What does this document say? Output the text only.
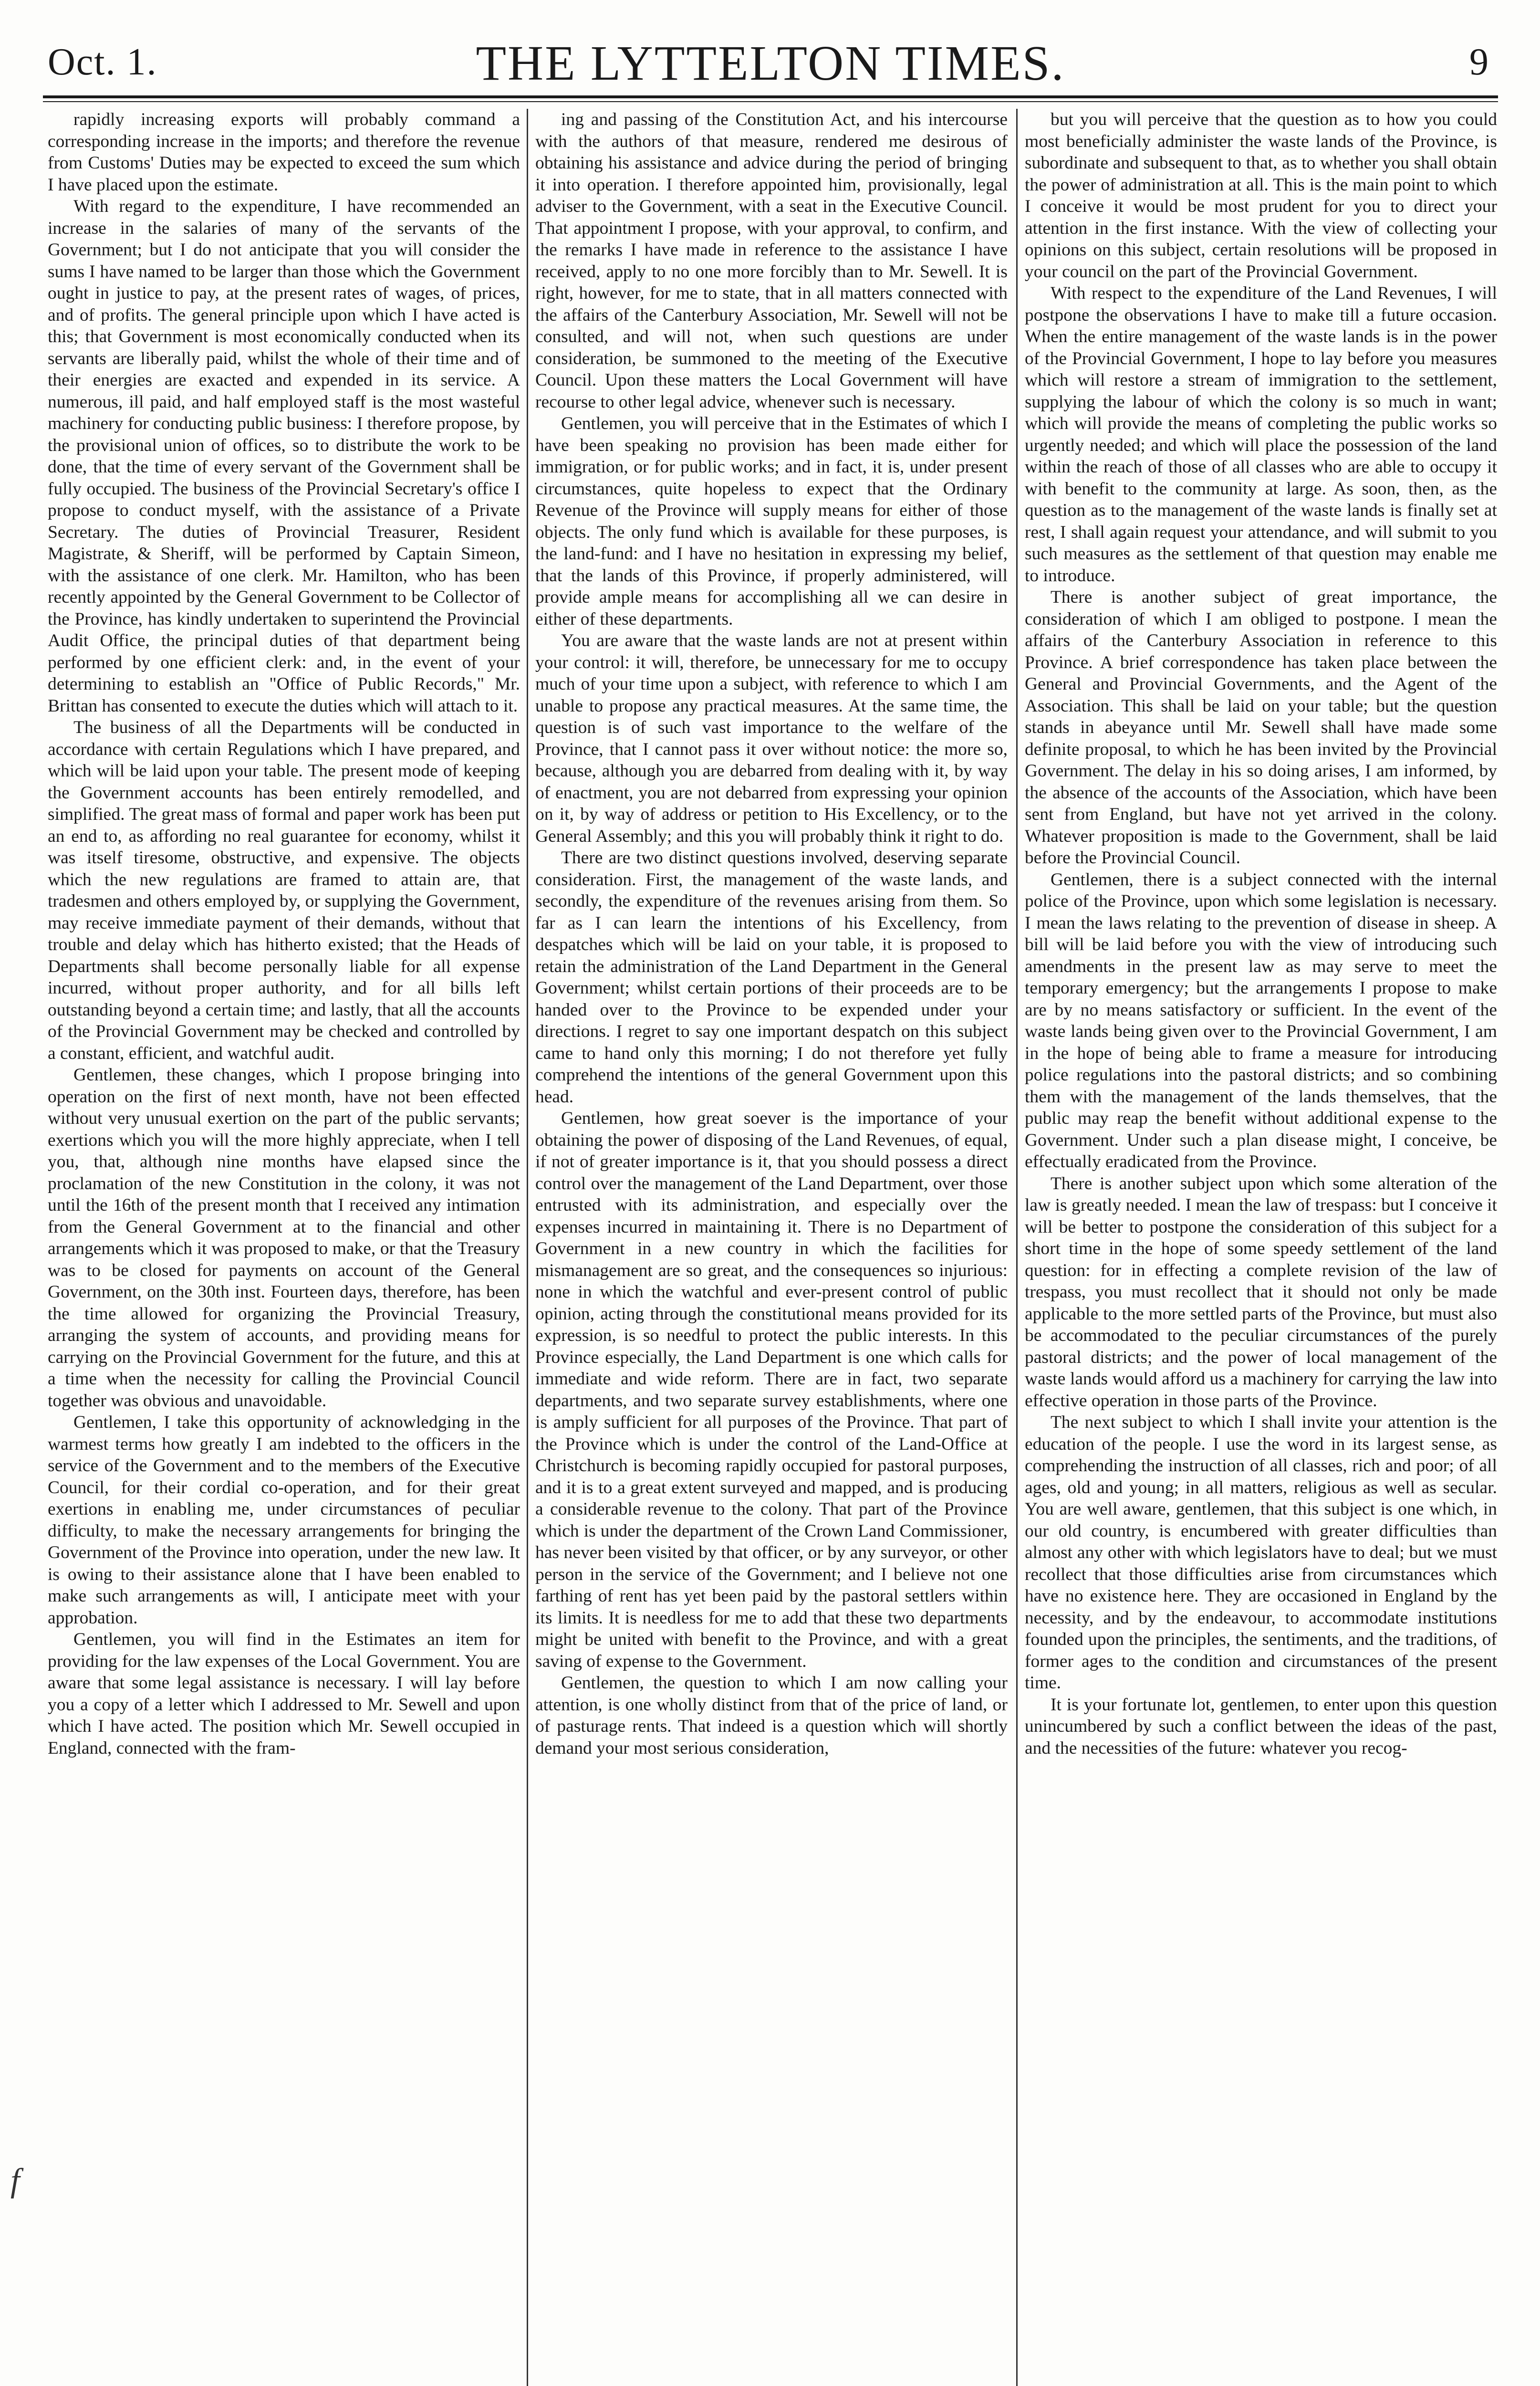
Oct. 1.	THE LYTTELTON TIMES.	9

rapidly increasing exports will probably command a corresponding increase in the imports; and therefore the revenue from Customs' Duties may be expected to exceed the sum which I have placed upon the estimate.

With regard to the expenditure, I have recommended an increase in the salaries of many of the servants of the Government; but I do not anticipate that you will consider the sums I have named to be larger than those which the Government ought in justice to pay, at the present rates of wages, of prices, and of profits. The general principle upon which I have acted is this; that Government is most economically conducted when its servants are liberally paid, whilst the whole of their time and of their energies are exacted and expended in its service. A numerous, ill paid, and half employed staff is the most wasteful machinery for conducting public business: I therefore propose, by the provisional union of offices, so to distribute the work to be done, that the time of every servant of the Government shall be fully occupied. The business of the Provincial Secretary's office I propose to conduct myself, with the assistance of a Private Secretary. The duties of Provincial Treasurer, Resident Magistrate, & Sheriff, will be performed by Captain Simeon, with the assistance of one clerk. Mr. Hamilton, who has been recently appointed by the General Government to be Collector of the Province, has kindly undertaken to superintend the Provincial Audit Office, the principal duties of that department being performed by one efficient clerk: and, in the event of your determining to establish an "Office of Public Records," Mr. Brittan has consented to execute the duties which will attach to it.

The business of all the Departments will be conducted in accordance with certain Regulations which I have prepared, and which will be laid upon your table. The present mode of keeping the Government accounts has been entirely remodelled, and simplified. The great mass of formal and paper work has been put an end to, as affording no real guarantee for economy, whilst it was itself tiresome, obstructive, and expensive. The objects which the new regulations are framed to attain are, that tradesmen and others employed by, or supplying the Government, may receive immediate payment of their demands, without that trouble and delay which has hitherto existed; that the Heads of Departments shall become personally liable for all expense incurred, without proper authority, and for all bills left outstanding beyond a certain time; and lastly, that all the accounts of the Provincial Government may be checked and controlled by a constant, efficient, and watchful audit.

Gentlemen, these changes, which I propose bringing into operation on the first of next month, have not been effected without very unusual exertion on the part of the public servants; exertions which you will the more highly appreciate, when I tell you, that, although nine months have elapsed since the proclamation of the new Constitution in the colony, it was not until the 16th of the present month that I received any intimation from the General Government at to the financial and other arrangements which it was proposed to make, or that the Treasury was to be closed for payments on account of the General Government, on the 30th inst. Fourteen days, therefore, has been the time allowed for organizing the Provincial Treasury, arranging the system of accounts, and providing means for carrying on the Provincial Government for the future, and this at a time when the necessity for calling the Provincial Council together was obvious and unavoidable.

Gentlemen, I take this opportunity of acknowledging in the warmest terms how greatly I am indebted to the officers in the service of the Government and to the members of the Executive Council, for their cordial co-operation, and for their great exertions in enabling me, under circumstances of peculiar difficulty, to make the necessary arrangements for bringing the Government of the Province into operation, under the new law. It is owing to their assistance alone that I have been enabled to make such arrangements as will, I anticipate meet with your approbation.

Gentlemen, you will find in the Estimates an item for providing for the law expenses of the Local Government. You are aware that some legal assistance is necessary. I will lay before you a copy of a letter which I addressed to Mr. Sewell and upon which I have acted. The position which Mr. Sewell occupied in England, connected with the fram-

ing and passing of the Constitution Act, and his intercourse with the authors of that measure, rendered me desirous of obtaining his assistance and advice during the period of bringing it into operation. I therefore appointed him, provisionally, legal adviser to the Government, with a seat in the Executive Council. That appointment I propose, with your approval, to confirm, and the remarks I have made in reference to the assistance I have received, apply to no one more forcibly than to Mr. Sewell. It is right, however, for me to state, that in all matters connected with the affairs of the Canterbury Association, Mr. Sewell will not be consulted, and will not, when such questions are under consideration, be summoned to the meeting of the Executive Council. Upon these matters the Local Government will have recourse to other legal advice, whenever such is necessary.

Gentlemen, you will perceive that in the Estimates of which I have been speaking no provision has been made either for immigration, or for public works; and in fact, it is, under present circumstances, quite hopeless to expect that the Ordinary Revenue of the Province will supply means for either of those objects. The only fund which is available for these purposes, is the land-fund: and I have no hesitation in expressing my belief, that the lands of this Province, if properly administered, will provide ample means for accomplishing all we can desire in either of these departments.

You are aware that the waste lands are not at present within your control: it will, therefore, be unnecessary for me to occupy much of your time upon a subject, with reference to which I am unable to propose any practical measures. At the same time, the question is of such vast importance to the welfare of the Province, that I cannot pass it over without notice: the more so, because, although you are debarred from dealing with it, by way of enactment, you are not debarred from expressing your opinion on it, by way of address or petition to His Excellency, or to the General Assembly; and this you will probably think it right to do.

There are two distinct questions involved, deserving separate consideration. First, the management of the waste lands, and secondly, the expenditure of the revenues arising from them. So far as I can learn the intentions of his Excellency, from despatches which will be laid on your table, it is proposed to retain the administration of the Land Department in the General Government; whilst certain portions of their proceeds are to be handed over to the Province to be expended under your directions. I regret to say one important despatch on this subject came to hand only this morning; I do not therefore yet fully comprehend the intentions of the general Government upon this head.

Gentlemen, how great soever is the importance of your obtaining the power of disposing of the Land Revenues, of equal, if not of greater importance is it, that you should possess a direct control over the management of the Land Department, over those entrusted with its administration, and especially over the expenses incurred in maintaining it. There is no Department of Government in a new country in which the facilities for mismanagement are so great, and the consequences so injurious: none in which the watchful and ever-present control of public opinion, acting through the constitutional means provided for its expression, is so needful to protect the public interests. In this Province especially, the Land Department is one which calls for immediate and wide reform. There are in fact, two separate departments, and two separate survey establishments, where one is amply sufficient for all purposes of the Province. That part of the Province which is under the control of the Land-Office at Christchurch is becoming rapidly occupied for pastoral purposes, and it is to a great extent surveyed and mapped, and is producing a considerable revenue to the colony. That part of the Province which is under the department of the Crown Land Commissioner, has never been visited by that officer, or by any surveyor, or other person in the service of the Government; and I believe not one farthing of rent has yet been paid by the pastoral settlers within its limits. It is needless for me to add that these two departments might be united with benefit to the Province, and with a great saving of expense to the Government.

Gentlemen, the question to which I am now calling your attention, is one wholly distinct from that of the price of land, or of pasturage rents. That indeed is a question which will shortly demand your most serious consideration,

but you will perceive that the question as to how you could most beneficially administer the waste lands of the Province, is subordinate and subsequent to that, as to whether you shall obtain the power of administration at all. This is the main point to which I conceive it would be most prudent for you to direct your attention in the first instance. With the view of collecting your opinions on this subject, certain resolutions will be proposed in your council on the part of the Provincial Government.

With respect to the expenditure of the Land Revenues, I will postpone the observations I have to make till a future occasion. When the entire management of the waste lands is in the power of the Provincial Government, I hope to lay before you measures which will restore a stream of immigration to the settlement, supplying the labour of which the colony is so much in want; which will provide the means of completing the public works so urgently needed; and which will place the possession of the land within the reach of those of all classes who are able to occupy it with benefit to the community at large. As soon, then, as the question as to the management of the waste lands is finally set at rest, I shall again request your attendance, and will submit to you such measures as the settlement of that question may enable me to introduce.

There is another subject of great importance, the consideration of which I am obliged to postpone. I mean the affairs of the Canterbury Association in reference to this Province. A brief correspondence has taken place between the General and Provincial Governments, and the Agent of the Association. This shall be laid on your table; but the question stands in abeyance until Mr. Sewell shall have made some definite proposal, to which he has been invited by the Provincial Government. The delay in his so doing arises, I am informed, by the absence of the accounts of the Association, which have been sent from England, but have not yet arrived in the colony. Whatever proposition is made to the Government, shall be laid before the Provincial Council.

Gentlemen, there is a subject connected with the internal police of the Province, upon which some legislation is necessary. I mean the laws relating to the prevention of disease in sheep. A bill will be laid before you with the view of introducing such amendments in the present law as may serve to meet the temporary emergency; but the arrangements I propose to make are by no means satisfactory or sufficient. In the event of the waste lands being given over to the Provincial Government, I am in the hope of being able to frame a measure for introducing police regulations into the pastoral districts; and so combining them with the management of the lands themselves, that the public may reap the benefit without additional expense to the Government. Under such a plan disease might, I conceive, be effectually eradicated from the Province.

There is another subject upon which some alteration of the law is greatly needed. I mean the law of trespass: but I conceive it will be better to postpone the consideration of this subject for a short time in the hope of some speedy settlement of the land question: for in effecting a complete revision of the law of trespass, you must recollect that it should not only be made applicable to the more settled parts of the Province, but must also be accommodated to the peculiar circumstances of the purely pastoral districts; and the power of local management of the waste lands would afford us a machinery for carrying the law into effective operation in those parts of the Province.

The next subject to which I shall invite your attention is the education of the people. I use the word in its largest sense, as comprehending the instruction of all classes, rich and poor; of all ages, old and young; in all matters, religious as well as secular. You are well aware, gentlemen, that this subject is one which, in our old country, is encumbered with greater difficulties than almost any other with which legislators have to deal; but we must recollect that those difficulties arise from circumstances which have no existence here. They are occasioned in England by the necessity, and by the endeavour, to accommodate institutions founded upon the principles, the sentiments, and the traditions, of former ages to the condition and circumstances of the present time.

It is your fortunate lot, gentlemen, to enter upon this question unincumbered by such a conflict between the ideas of the past, and the necessities of the future: whatever you recog-

f
